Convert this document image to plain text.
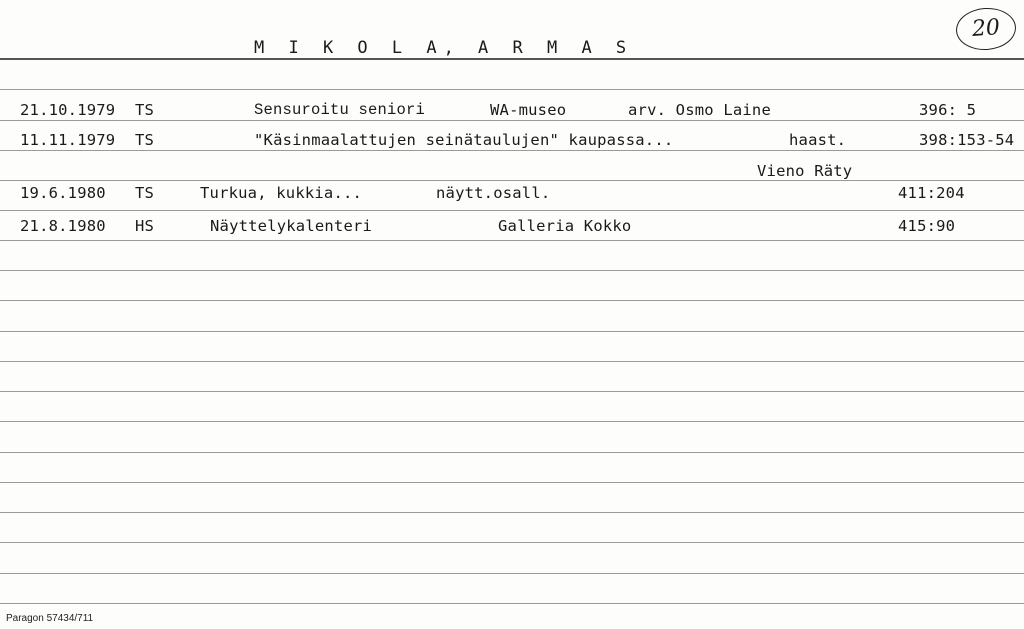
M I K O L A, A R M A S
20
21.10.1979 TS	Sensuroitu seniori	WA-museo	arv. Osmo Laine	396: 5
11.11.1979 TS	"Käsinmaalattujen seinätaulujen" kaupassa...	haast.	398:153-54
Vieno Räty
19.6.1980 TS	Turkua, kukkia...	näytt.osall.	411:204
21.8.1980 HS	Näyttelykalenteri	Galleria Kokko	415:90
Paragon 57434/711
